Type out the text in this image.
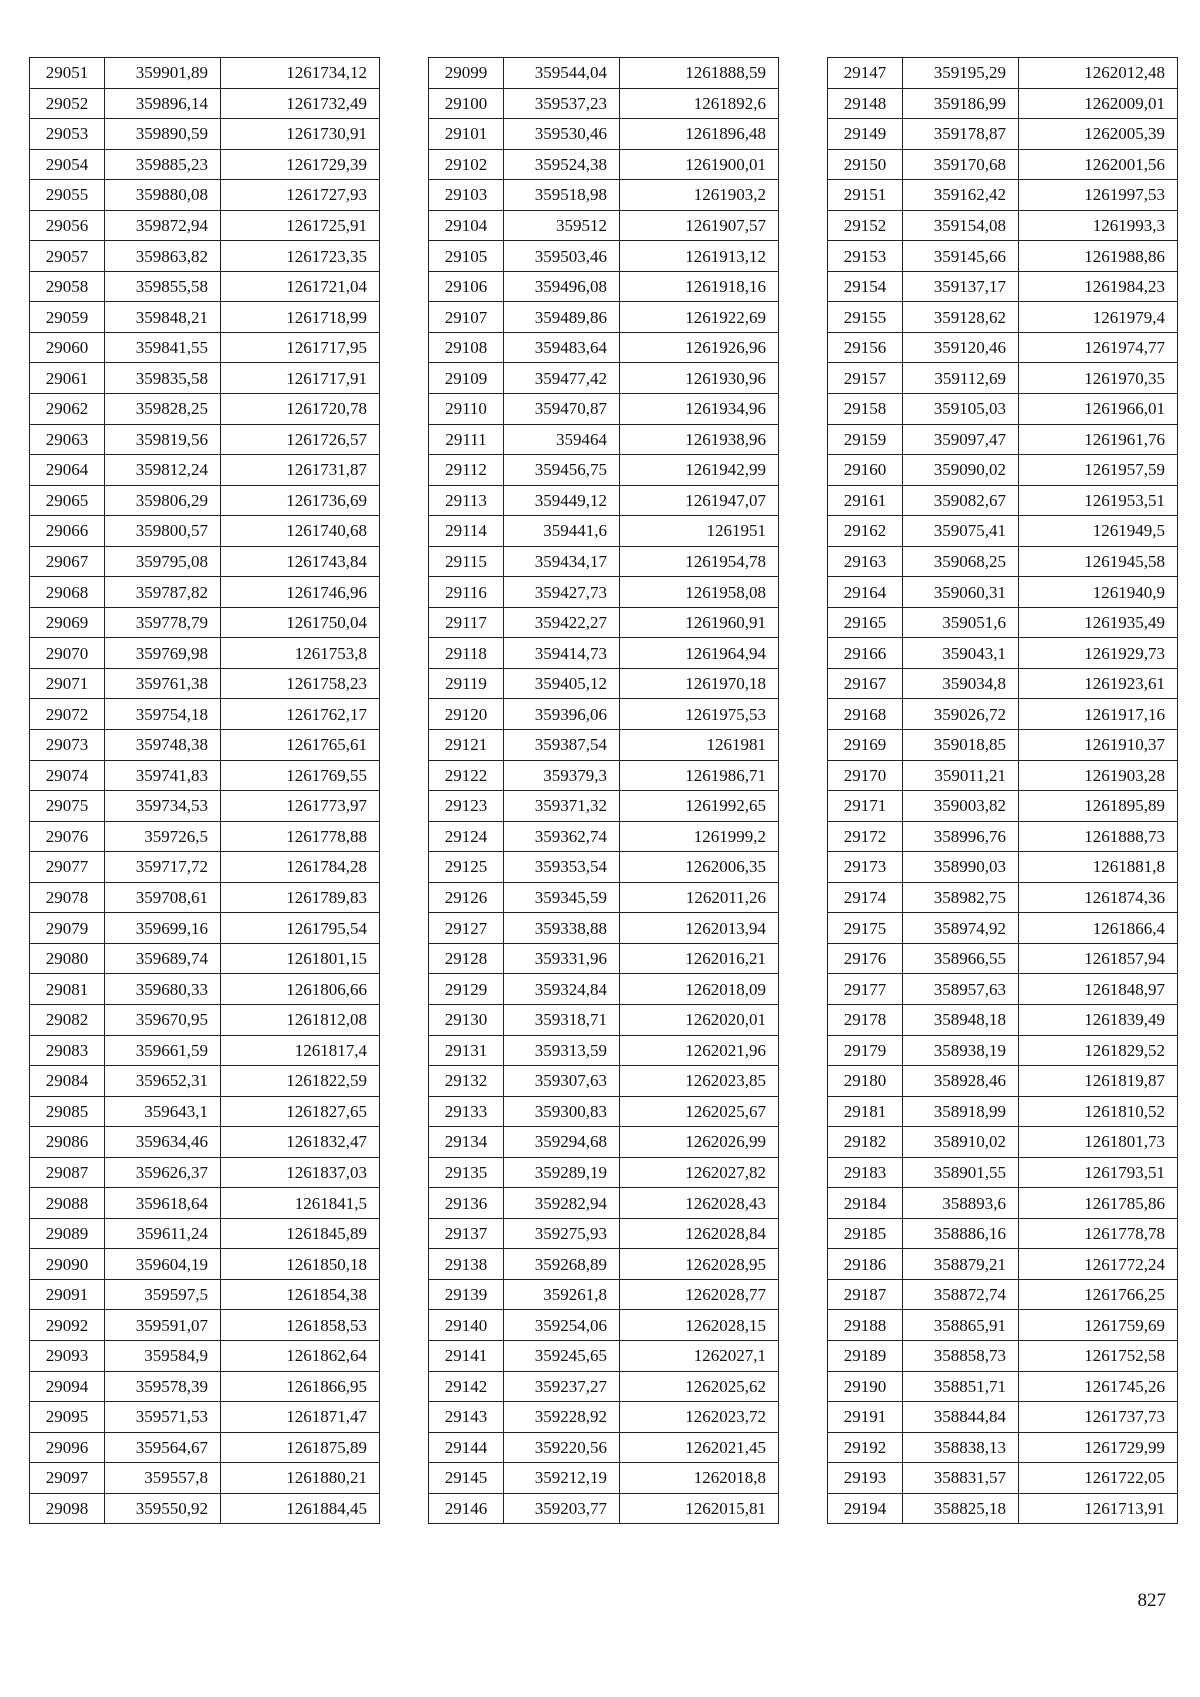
29051	359901,89	1261734,12
29052	359896,14	1261732,49
29053	359890,59	1261730,91
29054	359885,23	1261729,39
29055	359880,08	1261727,93
29056	359872,94	1261725,91
29057	359863,82	1261723,35
29058	359855,58	1261721,04
29059	359848,21	1261718,99
29060	359841,55	1261717,95
29061	359835,58	1261717,91
29062	359828,25	1261720,78
29063	359819,56	1261726,57
29064	359812,24	1261731,87
29065	359806,29	1261736,69
29066	359800,57	1261740,68
29067	359795,08	1261743,84
29068	359787,82	1261746,96
29069	359778,79	1261750,04
29070	359769,98	1261753,8
29071	359761,38	1261758,23
29072	359754,18	1261762,17
29073	359748,38	1261765,61
29074	359741,83	1261769,55
29075	359734,53	1261773,97
29076	359726,5	1261778,88
29077	359717,72	1261784,28
29078	359708,61	1261789,83
29079	359699,16	1261795,54
29080	359689,74	1261801,15
29081	359680,33	1261806,66
29082	359670,95	1261812,08
29083	359661,59	1261817,4
29084	359652,31	1261822,59
29085	359643,1	1261827,65
29086	359634,46	1261832,47
29087	359626,37	1261837,03
29088	359618,64	1261841,5
29089	359611,24	1261845,89
29090	359604,19	1261850,18
29091	359597,5	1261854,38
29092	359591,07	1261858,53
29093	359584,9	1261862,64
29094	359578,39	1261866,95
29095	359571,53	1261871,47
29096	359564,67	1261875,89
29097	359557,8	1261880,21
29098	359550,92	1261884,45
29099	359544,04	1261888,59
29100	359537,23	1261892,6
29101	359530,46	1261896,48
29102	359524,38	1261900,01
29103	359518,98	1261903,2
29104	359512	1261907,57
29105	359503,46	1261913,12
29106	359496,08	1261918,16
29107	359489,86	1261922,69
29108	359483,64	1261926,96
29109	359477,42	1261930,96
29110	359470,87	1261934,96
29111	359464	1261938,96
29112	359456,75	1261942,99
29113	359449,12	1261947,07
29114	359441,6	1261951
29115	359434,17	1261954,78
29116	359427,73	1261958,08
29117	359422,27	1261960,91
29118	359414,73	1261964,94
29119	359405,12	1261970,18
29120	359396,06	1261975,53
29121	359387,54	1261981
29122	359379,3	1261986,71
29123	359371,32	1261992,65
29124	359362,74	1261999,2
29125	359353,54	1262006,35
29126	359345,59	1262011,26
29127	359338,88	1262013,94
29128	359331,96	1262016,21
29129	359324,84	1262018,09
29130	359318,71	1262020,01
29131	359313,59	1262021,96
29132	359307,63	1262023,85
29133	359300,83	1262025,67
29134	359294,68	1262026,99
29135	359289,19	1262027,82
29136	359282,94	1262028,43
29137	359275,93	1262028,84
29138	359268,89	1262028,95
29139	359261,8	1262028,77
29140	359254,06	1262028,15
29141	359245,65	1262027,1
29142	359237,27	1262025,62
29143	359228,92	1262023,72
29144	359220,56	1262021,45
29145	359212,19	1262018,8
29146	359203,77	1262015,81
29147	359195,29	1262012,48
29148	359186,99	1262009,01
29149	359178,87	1262005,39
29150	359170,68	1262001,56
29151	359162,42	1261997,53
29152	359154,08	1261993,3
29153	359145,66	1261988,86
29154	359137,17	1261984,23
29155	359128,62	1261979,4
29156	359120,46	1261974,77
29157	359112,69	1261970,35
29158	359105,03	1261966,01
29159	359097,47	1261961,76
29160	359090,02	1261957,59
29161	359082,67	1261953,51
29162	359075,41	1261949,5
29163	359068,25	1261945,58
29164	359060,31	1261940,9
29165	359051,6	1261935,49
29166	359043,1	1261929,73
29167	359034,8	1261923,61
29168	359026,72	1261917,16
29169	359018,85	1261910,37
29170	359011,21	1261903,28
29171	359003,82	1261895,89
29172	358996,76	1261888,73
29173	358990,03	1261881,8
29174	358982,75	1261874,36
29175	358974,92	1261866,4
29176	358966,55	1261857,94
29177	358957,63	1261848,97
29178	358948,18	1261839,49
29179	358938,19	1261829,52
29180	358928,46	1261819,87
29181	358918,99	1261810,52
29182	358910,02	1261801,73
29183	358901,55	1261793,51
29184	358893,6	1261785,86
29185	358886,16	1261778,78
29186	358879,21	1261772,24
29187	358872,74	1261766,25
29188	358865,91	1261759,69
29189	358858,73	1261752,58
29190	358851,71	1261745,26
29191	358844,84	1261737,73
29192	358838,13	1261729,99
29193	358831,57	1261722,05
29194	358825,18	1261713,91
827
